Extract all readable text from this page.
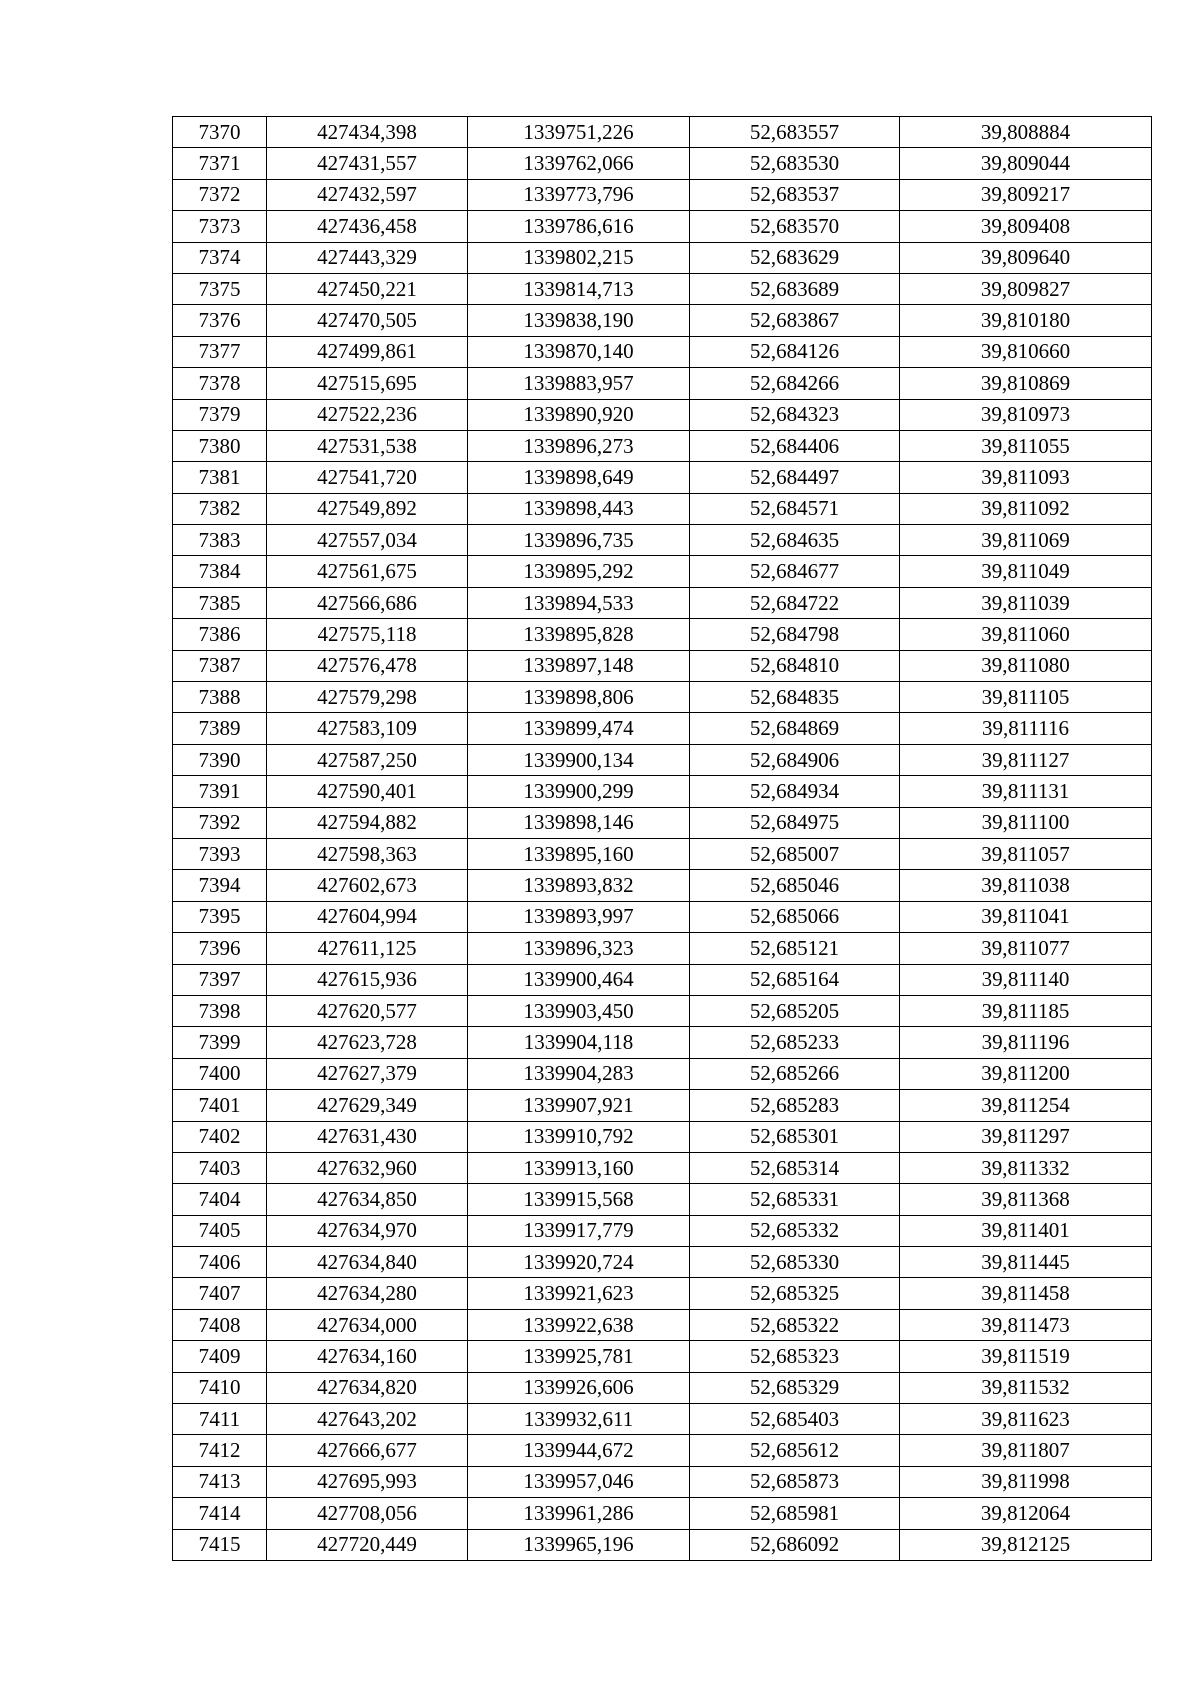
7370	427434,398	1339751,226	52,683557	39,808884
7371	427431,557	1339762,066	52,683530	39,809044
7372	427432,597	1339773,796	52,683537	39,809217
7373	427436,458	1339786,616	52,683570	39,809408
7374	427443,329	1339802,215	52,683629	39,809640
7375	427450,221	1339814,713	52,683689	39,809827
7376	427470,505	1339838,190	52,683867	39,810180
7377	427499,861	1339870,140	52,684126	39,810660
7378	427515,695	1339883,957	52,684266	39,810869
7379	427522,236	1339890,920	52,684323	39,810973
7380	427531,538	1339896,273	52,684406	39,811055
7381	427541,720	1339898,649	52,684497	39,811093
7382	427549,892	1339898,443	52,684571	39,811092
7383	427557,034	1339896,735	52,684635	39,811069
7384	427561,675	1339895,292	52,684677	39,811049
7385	427566,686	1339894,533	52,684722	39,811039
7386	427575,118	1339895,828	52,684798	39,811060
7387	427576,478	1339897,148	52,684810	39,811080
7388	427579,298	1339898,806	52,684835	39,811105
7389	427583,109	1339899,474	52,684869	39,811116
7390	427587,250	1339900,134	52,684906	39,811127
7391	427590,401	1339900,299	52,684934	39,811131
7392	427594,882	1339898,146	52,684975	39,811100
7393	427598,363	1339895,160	52,685007	39,811057
7394	427602,673	1339893,832	52,685046	39,811038
7395	427604,994	1339893,997	52,685066	39,811041
7396	427611,125	1339896,323	52,685121	39,811077
7397	427615,936	1339900,464	52,685164	39,811140
7398	427620,577	1339903,450	52,685205	39,811185
7399	427623,728	1339904,118	52,685233	39,811196
7400	427627,379	1339904,283	52,685266	39,811200
7401	427629,349	1339907,921	52,685283	39,811254
7402	427631,430	1339910,792	52,685301	39,811297
7403	427632,960	1339913,160	52,685314	39,811332
7404	427634,850	1339915,568	52,685331	39,811368
7405	427634,970	1339917,779	52,685332	39,811401
7406	427634,840	1339920,724	52,685330	39,811445
7407	427634,280	1339921,623	52,685325	39,811458
7408	427634,000	1339922,638	52,685322	39,811473
7409	427634,160	1339925,781	52,685323	39,811519
7410	427634,820	1339926,606	52,685329	39,811532
7411	427643,202	1339932,611	52,685403	39,811623
7412	427666,677	1339944,672	52,685612	39,811807
7413	427695,993	1339957,046	52,685873	39,811998
7414	427708,056	1339961,286	52,685981	39,812064
7415	427720,449	1339965,196	52,686092	39,812125
